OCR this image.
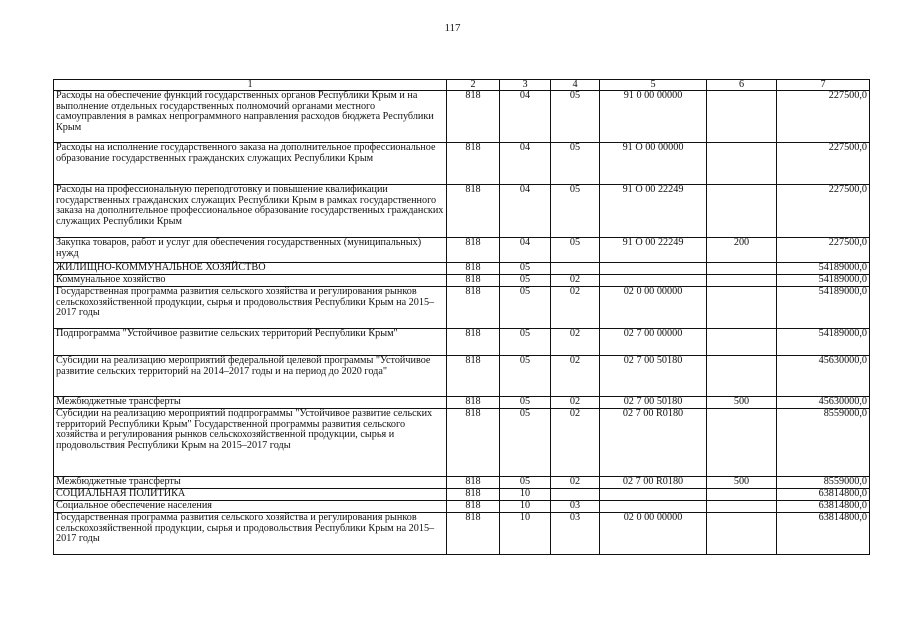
117
1	2	3	4	5	6	7
Расходы на обеспечение функций государственных органов Республики Крым и на выполнение отдельных государственных полномочий органами местного самоуправления в рамках непрограммного направления расходов бюджета Республики Крым	818	04	05	91 0 00 00000		227500,0
Расходы на исполнение государственного заказа на дополнительное профессиональное образование государственных гражданских служащих Республики Крым	818	04	05	91 О 00 00000		227500,0
Расходы на профессиональную переподготовку и повышение квалификации государственных гражданских служащих Республики Крым в рамках государственного заказа на дополнительное профессиональное образование государственных гражданских служащих Республики Крым	818	04	05	91 О 00 22249		227500,0
Закупка товаров, работ и услуг для обеспечения государственных (муниципальных) нужд	818	04	05	91 О 00 22249	200	227500,0
ЖИЛИЩНО-КОММУНАЛЬНОЕ ХОЗЯЙСТВО	818	05				54189000,0
Коммунальное хозяйство	818	05	02			54189000,0
Государственная программа развития сельского хозяйства и регулирования рынков сельскохозяйственной продукции, сырья и продовольствия Республики Крым на 2015–2017 годы	818	05	02	02 0 00 00000		54189000,0
Подпрограмма "Устойчивое развитие сельских территорий Республики Крым"	818	05	02	02 7 00 00000		54189000,0
Субсидии на реализацию мероприятий федеральной целевой программы "Устойчивое развитие сельских территорий на 2014–2017 годы и на период до 2020 года"	818	05	02	02 7 00 50180		45630000,0
Межбюджетные трансферты	818	05	02	02 7 00 50180	500	45630000,0
Субсидии на реализацию мероприятий подпрограммы "Устойчивое развитие сельских территорий Республики Крым" Государственной программы развития сельского хозяйства и регулирования рынков сельскохозяйственной продукции, сырья и продовольствия Республики Крым на 2015–2017 годы	818	05	02	02 7 00 R0180		8559000,0
Межбюджетные трансферты	818	05	02	02 7 00 R0180	500	8559000,0
СОЦИАЛЬНАЯ ПОЛИТИКА	818	10				63814800,0
Социальное обеспечение населения	818	10	03			63814800,0
Государственная программа развития сельского хозяйства и регулирования рынков сельскохозяйственной продукции, сырья и продовольствия Республики Крым на 2015–2017 годы	818	10	03	02 0 00 00000		63814800,0
